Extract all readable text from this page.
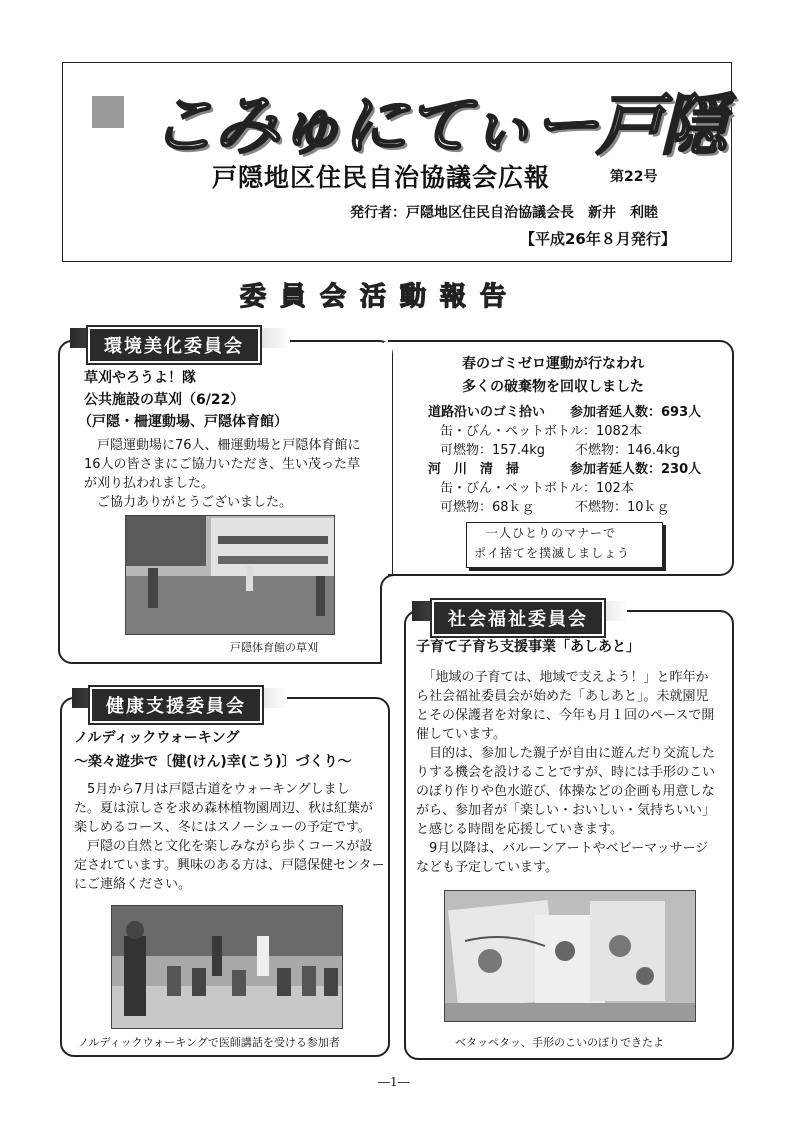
こみゅにてぃー戸隠
戸隠地区住民自治協議会広報	第22号
発行者：戸隠地区住民自治協議会長　新井　利睦
【平成26年８月発行】
委員会活動報告
環境美化委員会
草刈やろうよ！隊
公共施設の草刈（6/22）
（戸隠・柵運動場、戸隠体育館）
　戸隠運動場に76人、柵運動場と戸隠体育館に
16人の皆さまにご協力いただき、生い茂った草
が刈り払われました。
　ご協力ありがとうございました。
戸隠体育館の草刈
春のゴミゼロ運動が行なわれ
多くの破棄物を回収しました
道路沿いのゴミ拾い 参加者延人数：693人
缶・びん・ペットボトル：1082本
可燃物：157.4kg 不燃物：146.4kg
河　川　清　掃	参加者延人数：230人
缶・びん・ペットボトル：102本
可燃物：68ｋｇ	不燃物：10ｋｇ
一人ひとりのマナーで
ポイ捨てを撲滅しましょう
健康支援委員会
ノルディックウォーキング
～楽々遊歩で〔健(けん)幸(こう)〕づくり～
　5月から7月は戸隠古道をウォーキングしまし
た。夏は涼しさを求め森林植物園周辺、秋は紅葉が
楽しめるコース、冬にはスノーシューの予定です。
　戸隠の自然と文化を楽しみながら歩くコースが設
定されています。興味のある方は、戸隠保健センター
にご連絡ください。
ノルディックウォーキングで医師講話を受ける参加者
社会福祉委員会
子育て子育ち支援事業「あしあと」
　「地域の子育ては、地域で支えよう！」と昨年か
ら社会福祉委員会が始めた「あしあと」。未就園児
とその保護者を対象に、今年も月１回のペースで開
催しています。
　目的は、参加した親子が自由に遊んだり交流した
りする機会を設けることですが、時には手形のこい
のぼり作りや色水遊び、体操などの企画も用意しな
がら、参加者が「楽しい・おいしい・気持ちいい」
と感じる時間を応援していきます。
　9月以降は、バルーンアートやベビーマッサージ
なども予定しています。
ベタッペタッ、手形のこいのぼりできたよ
―1―
